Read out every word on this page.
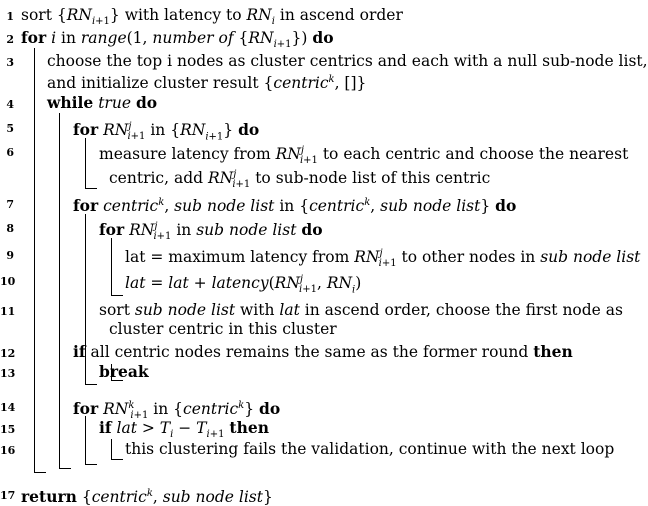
1 sort $\{RN_{i+1}\}$ with latency to $RN_i$ in ascend order
2 for i in range(1, number of $\{RN_{i+1}\}$) do
3 choose the top i nodes as cluster centrics and each with a null sub-node list,
and initialize cluster result {centric$^k$, []}
4 while true do
5	for $RN^j_{i+1}$ in $\{RN_{i+1}\}$ do
6	measure latency from $RN^j_{i+1}$ to each centric and choose the nearest
centric, add $RN^j_{i+1}$ to sub-node list of this centric
7	for centric$^k$, sub node list in {centric$^k$, sub node list} do
8	for $RN^j_{i+1}$ in sub node list do
9	lat = maximum latency from $RN^j_{i+1}$ to other nodes in sub node list
10	lat = lat + $latency(RN^j_{i+1}$, $RN_i$)
11	sort sub node list with lat in ascend order, choose the first node as
cluster centric in this cluster
12	if all centric nodes remains the same as the former round then
13	break
14	for $RN^k_{i+1}$ in {centric$^k$} do
15	if lat > $T_i - T_{i+1}$ then
16	this clustering fails the validation, continue with the next loop
17 return {centric$^k$, sub node list}
